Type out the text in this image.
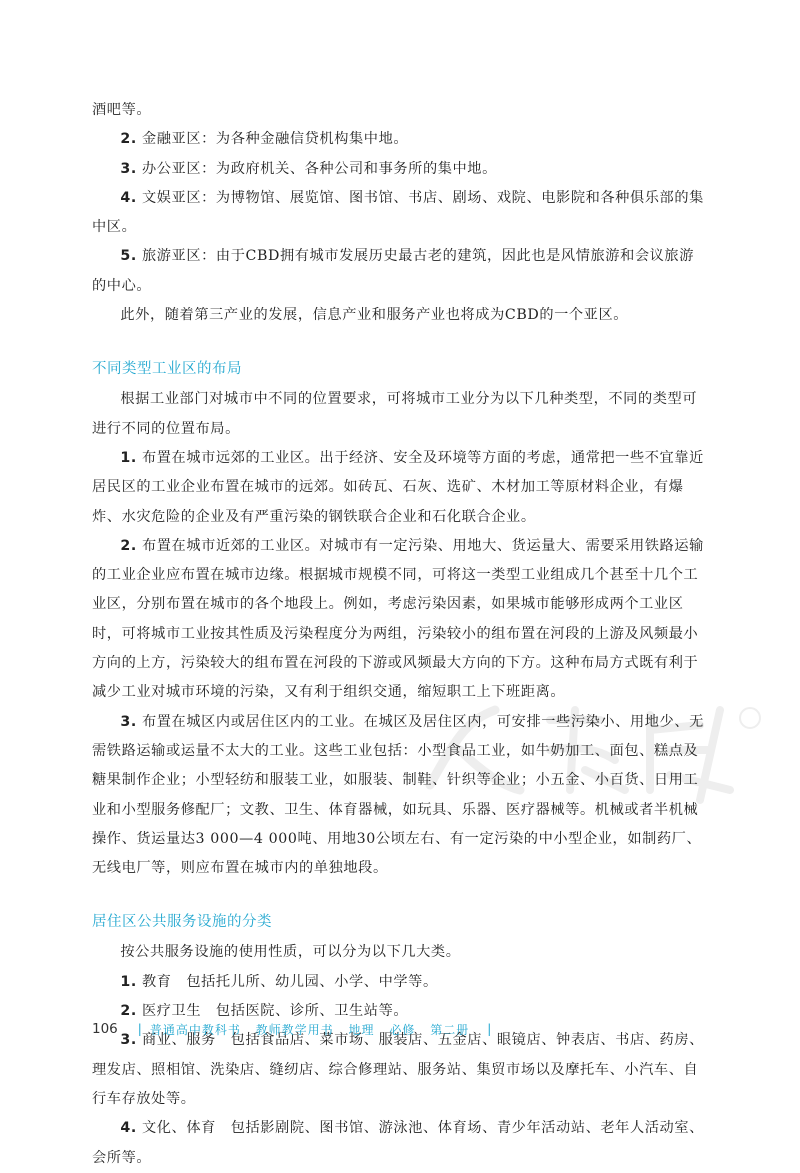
酒吧等。

2. 金融亚区：为各种金融信贷机构集中地。

3. 办公亚区：为政府机关、各种公司和事务所的集中地。

4. 文娱亚区：为博物馆、展览馆、图书馆、书店、剧场、戏院、电影院和各种俱乐部的集中区。

5. 旅游亚区：由于CBD拥有城市发展历史最古老的建筑，因此也是风情旅游和会议旅游的中心。

此外，随着第三产业的发展，信息产业和服务产业也将成为CBD的一个亚区。

不同类型工业区的布局

根据工业部门对城市中不同的位置要求，可将城市工业分为以下几种类型，不同的类型可进行不同的位置布局。

1. 布置在城市远郊的工业区。出于经济、安全及环境等方面的考虑，通常把一些不宜靠近居民区的工业企业布置在城市的远郊。如砖瓦、石灰、选矿、木材加工等原材料企业，有爆炸、水灾危险的企业及有严重污染的钢铁联合企业和石化联合企业。

2. 布置在城市近郊的工业区。对城市有一定污染、用地大、货运量大、需要采用铁路运输的工业企业应布置在城市边缘。根据城市规模不同，可将这一类型工业组成几个甚至十几个工业区，分别布置在城市的各个地段上。例如，考虑污染因素，如果城市能够形成两个工业区时，可将城市工业按其性质及污染程度分为两组，污染较小的组布置在河段的上游及风频最小方向的上方，污染较大的组布置在河段的下游或风频最大方向的下方。这种布局方式既有利于减少工业对城市环境的污染，又有利于组织交通，缩短职工上下班距离。

3. 布置在城区内或居住区内的工业。在城区及居住区内，可安排一些污染小、用地少、无需铁路运输或运量不太大的工业。这些工业包括：小型食品工业，如牛奶加工、面包、糕点及糖果制作企业；小型轻纺和服装工业，如服装、制鞋、针织等企业；小五金、小百货、日用工业和小型服务修配厂；文教、卫生、体育器械，如玩具、乐器、医疗器械等。机械或者半机械操作、货运量达3 000—4 000吨、用地30公顷左右、有一定污染的中小型企业，如制药厂、无线电厂等，则应布置在城市内的单独地段。

居住区公共服务设施的分类

按公共服务设施的使用性质，可以分为以下几大类。

1. 教育　包括托儿所、幼儿园、小学、中学等。

2. 医疗卫生　包括医院、诊所、卫生站等。

3. 商业、服务　包括食品店、菜市场、服装店、五金店、眼镜店、钟表店、书店、药房、理发店、照相馆、洗染店、缝纫店、综合修理站、服务站、集贸市场以及摩托车、小汽车、自行车存放处等。

4. 文化、体育　包括影剧院、图书馆、游泳池、体育场、青少年活动站、老年人活动室、会所等。

106 | 普通高中教科书 教师教学用书 地理 必修 第二册	|
